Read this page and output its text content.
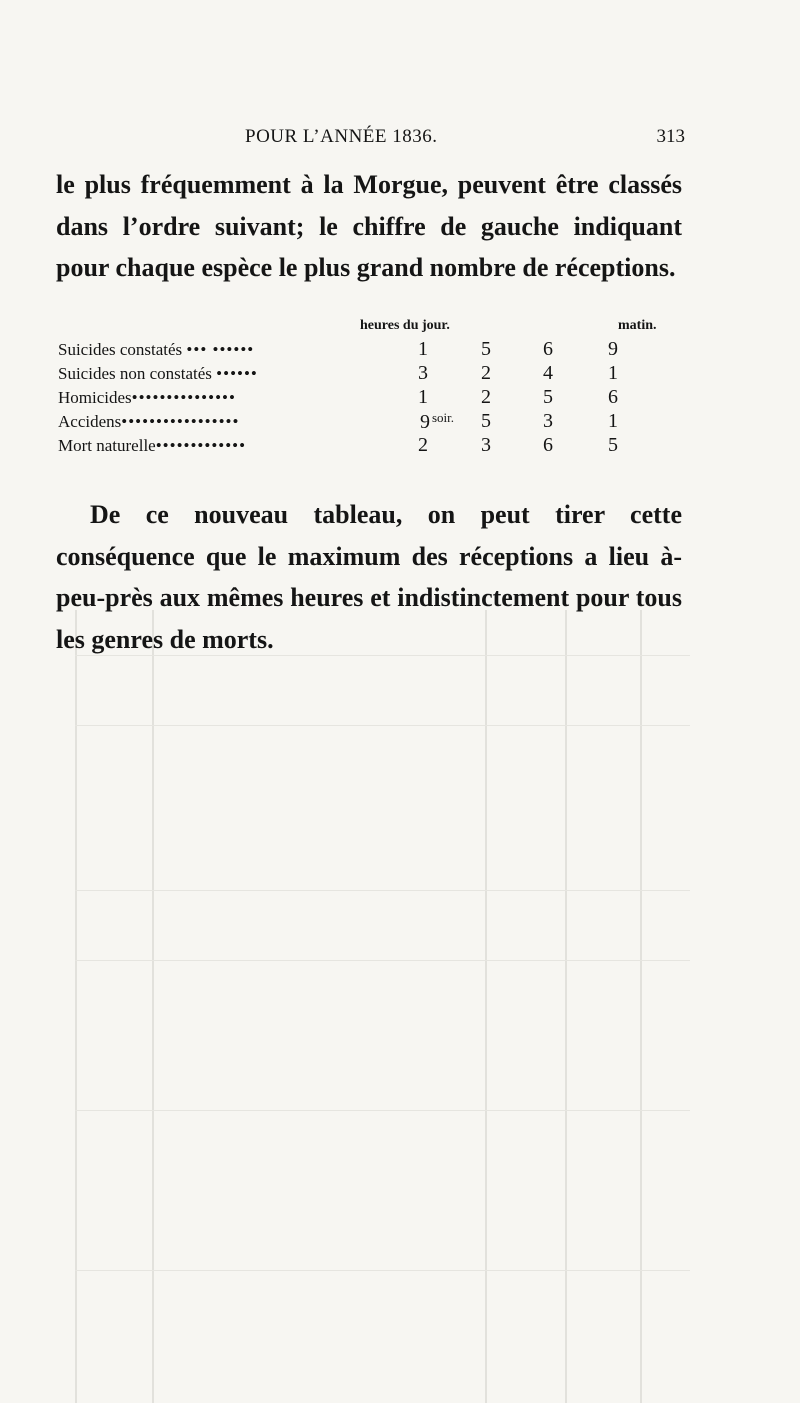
POUR L’ANNÉE 1836.	313

le plus fréquemment à la Morgue, peuvent être classés dans l’ordre suivant; le chiffre de gauche indiquant pour chaque espèce le plus grand nombre de réceptions.

heures du jour.	matin.
Suicides constatés ••• ••••••	1	5	6	9
Suicides non constatés ••••••	3	2	4	1
Homicides•••••••••••••••	1	2	5	6
Accidens•••••••••••••••••	9 $^{soir.}$	5	3	1
Mort naturelle•••••••••••••	2	3	6	5

De ce nouveau tableau, on peut tirer cette conséquence que le maximum des réceptions a lieu à-peu-près aux mêmes heures et indistinctement pour tous les genres de morts.
